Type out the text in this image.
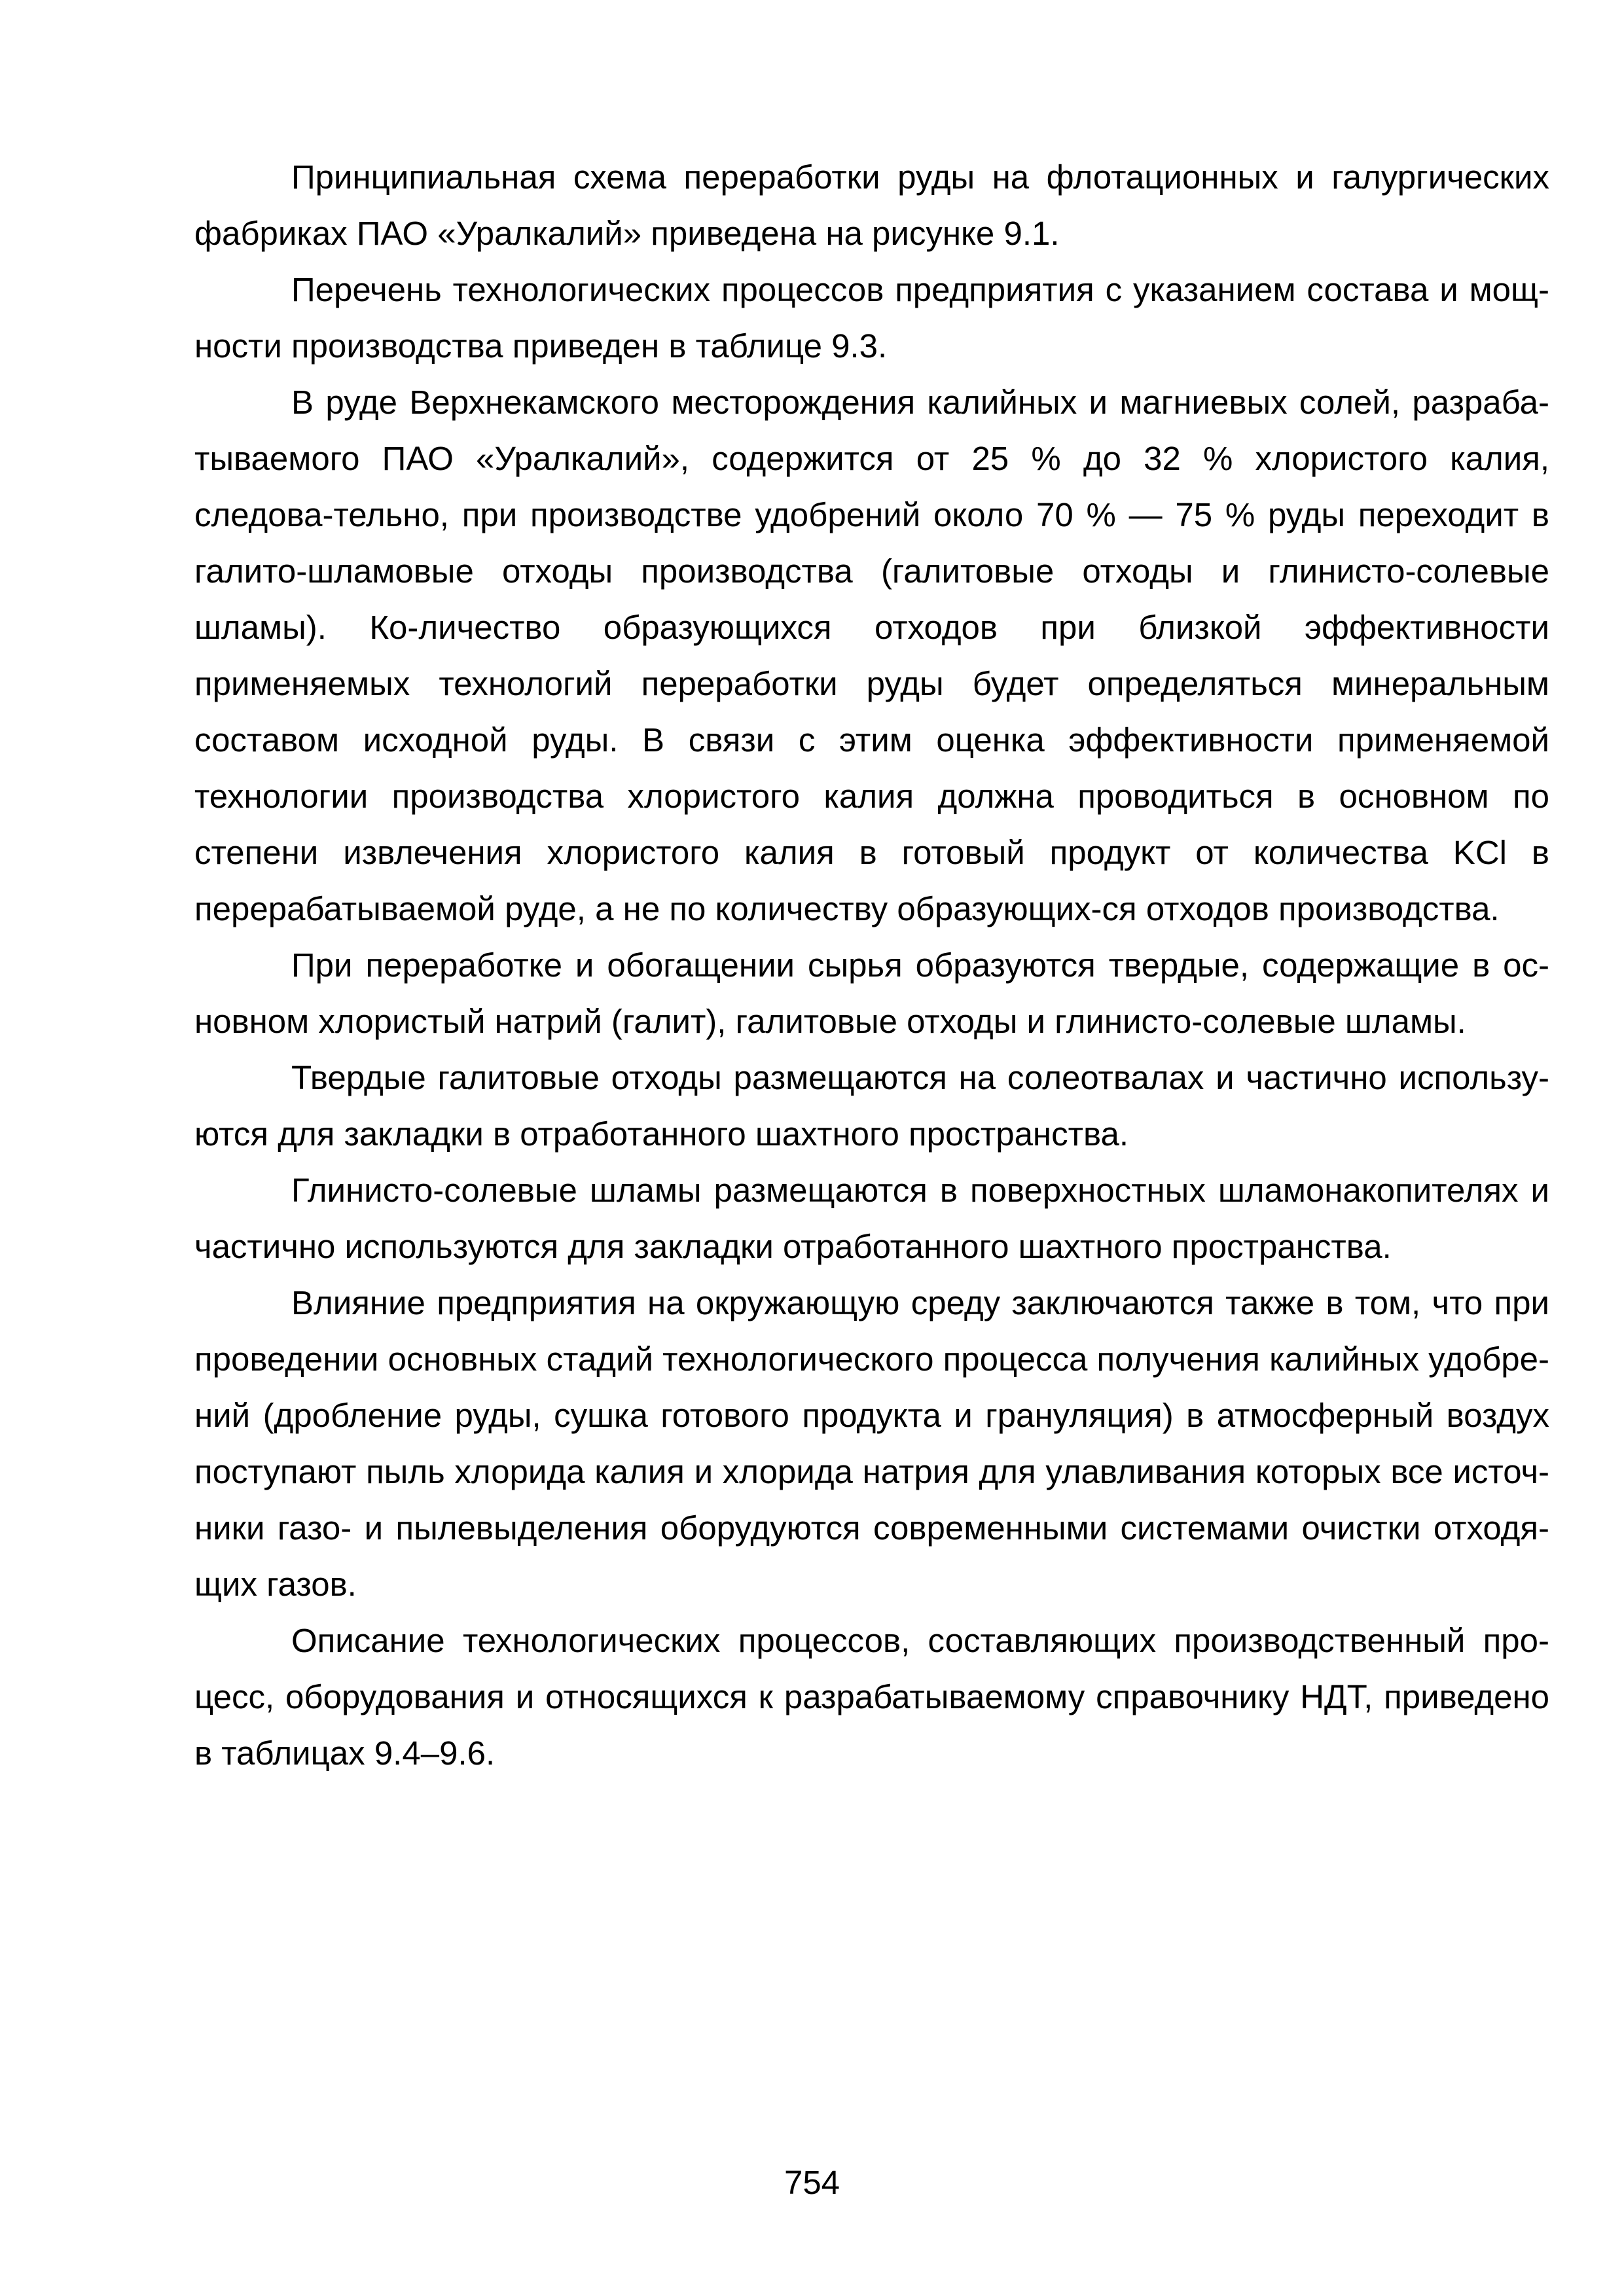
Принципиальная схема переработки руды на флотационных и галургических фабриках ПАО «Уралкалий» приведена на рисунке 9.1.

Перечень технологических процессов предприятия с указанием состава и мощ-ности производства приведен в таблице 9.3.

В руде Верхнекамского месторождения калийных и магниевых солей, разраба-тываемого ПАО «Уралкалий», содержится от 25 % до 32 % хлористого калия, следова-тельно, при производстве удобрений около 70 % — 75 % руды переходит в галито-шламовые отходы производства (галитовые отходы и глинисто-солевые шламы). Ко-личество образующихся отходов при близкой эффективности применяемых технологий переработки руды будет определяться минеральным составом исходной руды. В связи с этим оценка эффективности применяемой технологии производства хлористого калия должна проводиться в основном по степени извлечения хлористого калия в готовый продукт от количества KCl в перерабатываемой руде, а не по количеству образующих-ся отходов производства.

При переработке и обогащении сырья образуются твердые, содержащие в ос-новном хлористый натрий (галит), галитовые отходы и глинисто-солевые шламы.

Твердые галитовые отходы размещаются на солеотвалах и частично использу-ются для закладки в отработанного шахтного пространства.

Глинисто-солевые шламы размещаются в поверхностных шламонакопителях и частично используются для закладки отработанного шахтного пространства.

Влияние предприятия на окружающую среду заключаются также в том, что при проведении основных стадий технологического процесса получения калийных удобре-ний (дробление руды, сушка готового продукта и грануляция) в атмосферный воздух поступают пыль хлорида калия и хлорида натрия для улавливания которых все источ-ники газо- и пылевыделения оборудуются современными системами очистки отходя-щих газов.

Описание технологических процессов, составляющих производственный про-цесс, оборудования и относящихся к разрабатываемому справочнику НДТ, приведено в таблицах 9.4–9.6.

754
